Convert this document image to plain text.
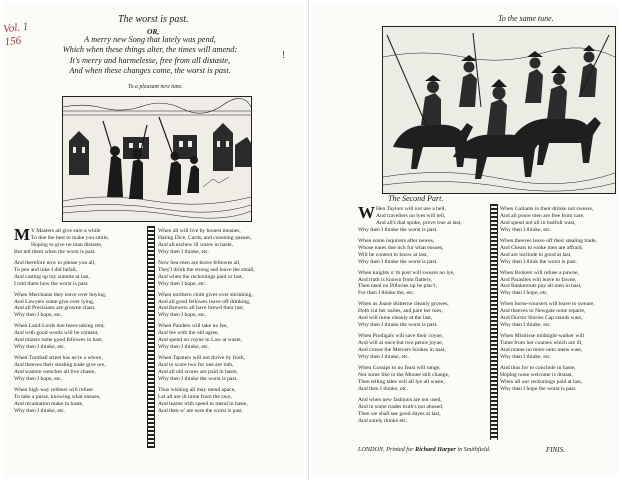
Vol. 1
156
!
The worst is past.
OR,
A merry new Song that lately was pend,
Which when these things alter, the times will amend:
It's merry and harmelesse, free from all distaste,
And when these changes come, the worst is past.
To a pleasant new tune.
M Y Masters all give eare a while
To doe the best to make you smile,
Hoping to give no man distaste,
But tell them when the worst is past.
And therefore now to please you all,
To pen and inke I did befall,
And casting up my summe at last,
I told them how the worst is past.
When Merchants they leave over buying,
And Lawyers some give over lying,
And all Precisians are growne chast,
Why then I hope, etc.
When Land-Lords doe leave taking rent,
And with good words will be content,
And mizers tume good fellowes in hast,
Why then I thinke, etc.
When Turnball street has ne're a whore,
And theeves their stealing trade give ore,
And wanton wenches all live chaste,
Why then I hope, etc.
When high way robbers will refuse
To take a purse, knowing what ensues,
And recantation make in haste,
Why then I thinke, etc.
When all will live by honest meanes,
Hating Dice, Cards, and cozening queans,
And all eschew ill wares in haste,
Why then I thinke, etc.
Now Sea-men are brave fellowes all,
They'l drink the strong and leave the small,
And when the reckonings paid or last,
Why then I hope, etc.
When northern cloth gives over shrinking,
And all good fellowes leave off drinking,
And Brewers all have brewd their last,
Why then I hope, etc.
When Panders will take no fee,
And fee with the old agree,
And spend no coyne in Law at waste,
Why then I thinke, etc.
When Tapsters will not thrive by froth,
And to score two for one are loth,
And all old scores are paid in haste,
Why then I thinke the worst is past.
Thus wishing all may mend apace,
Let all are ill tume from the race,
And learne with speed to mend in haste,
And then w' are sure the worst is past.
The Second Part.
To the same tune.
W Hen Taylors will not use a hell,
And travellers no lyes will tell,
And all's that spoke, prove true at last,
Why then I thinke the worst is past.
When some inquirers after newes,
Whose eares doe itch for what ensues,
Will be content to know at last,
Why then I thinke the worst is past.
When knights o' th post will sweare no lye,
And truth is known from flattery,
Then need no Pillories up be plac't,
For then I thinke the, etc.
When as Joane skitterne cleanly growes,
Doth cut her nailes, and pare her toes,
And will tume cleanly at the last,
Why then I thinke the worst is past.
When Prodigals will save their coyne,
And will at once but two pence joyne,
And crosse the Mercers bookes in hast,
Why then I thinke, etc.
When Gossips to no feast will range,
Nor some like to the Moone still change,
Then telling tales will all lye all waste,
And then I thinke, etc.
And when new fashions are not used,
And in some trades truth's not abused,
Then we shall see good dayes at last,
And surely thinke etc.
When Gallants in their drinke not sweare,
And all poore men are free from care,
And spend not all in lustfull wast,
Why then I thinke, etc.
When theeves leave off their stealing trade,
And Cheats to rooke men are affraid,
And are inclinde to good at last,
Why then I think the worst is past.
When Brokers will refuse a pawne,
And Parasites will leave to fawne,
And Bankerouts pay all men in hast,
Why then I hope, etc.
When horse-coursers will leave to sweare,
And theeves to Newgate none repaire,
And Doctor Stories Cap stands wast,
Why then I thinke, etc.
When Mistrisse midnight-walker will
Tume from her courses which are ill,
And nonne no more unto mens wast,
Why then I thinke, etc.
And thus for to conclude in haste,
Hoping none welcome is distast,
When all our reckonings paid at last,
Why then I hope the worst is past.
LONDON, Printed for Richard Harper in Smithfield.	FINIS.
